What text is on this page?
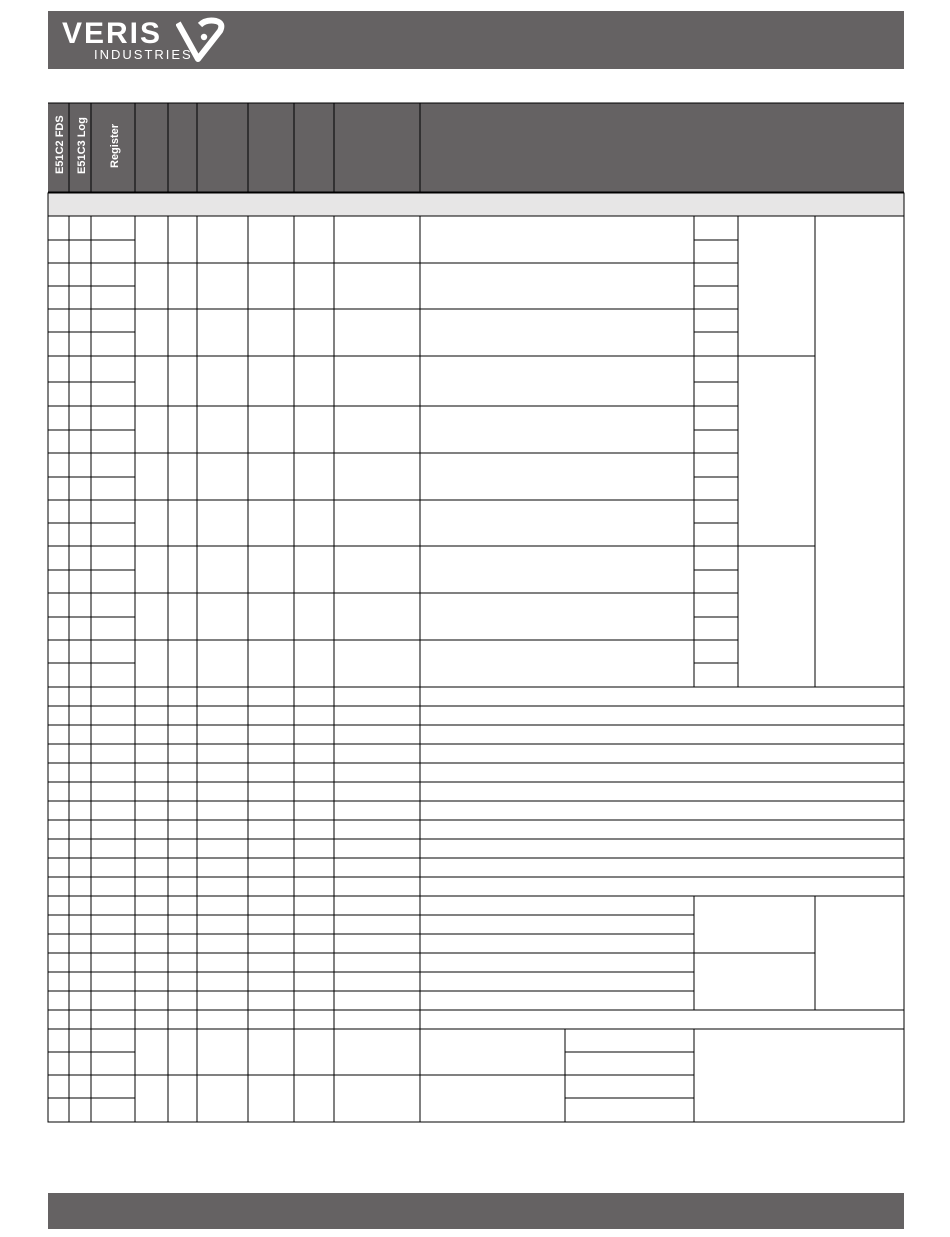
VERIS
INDUSTRIES
E51C2 FDS E51C3 Log Register
